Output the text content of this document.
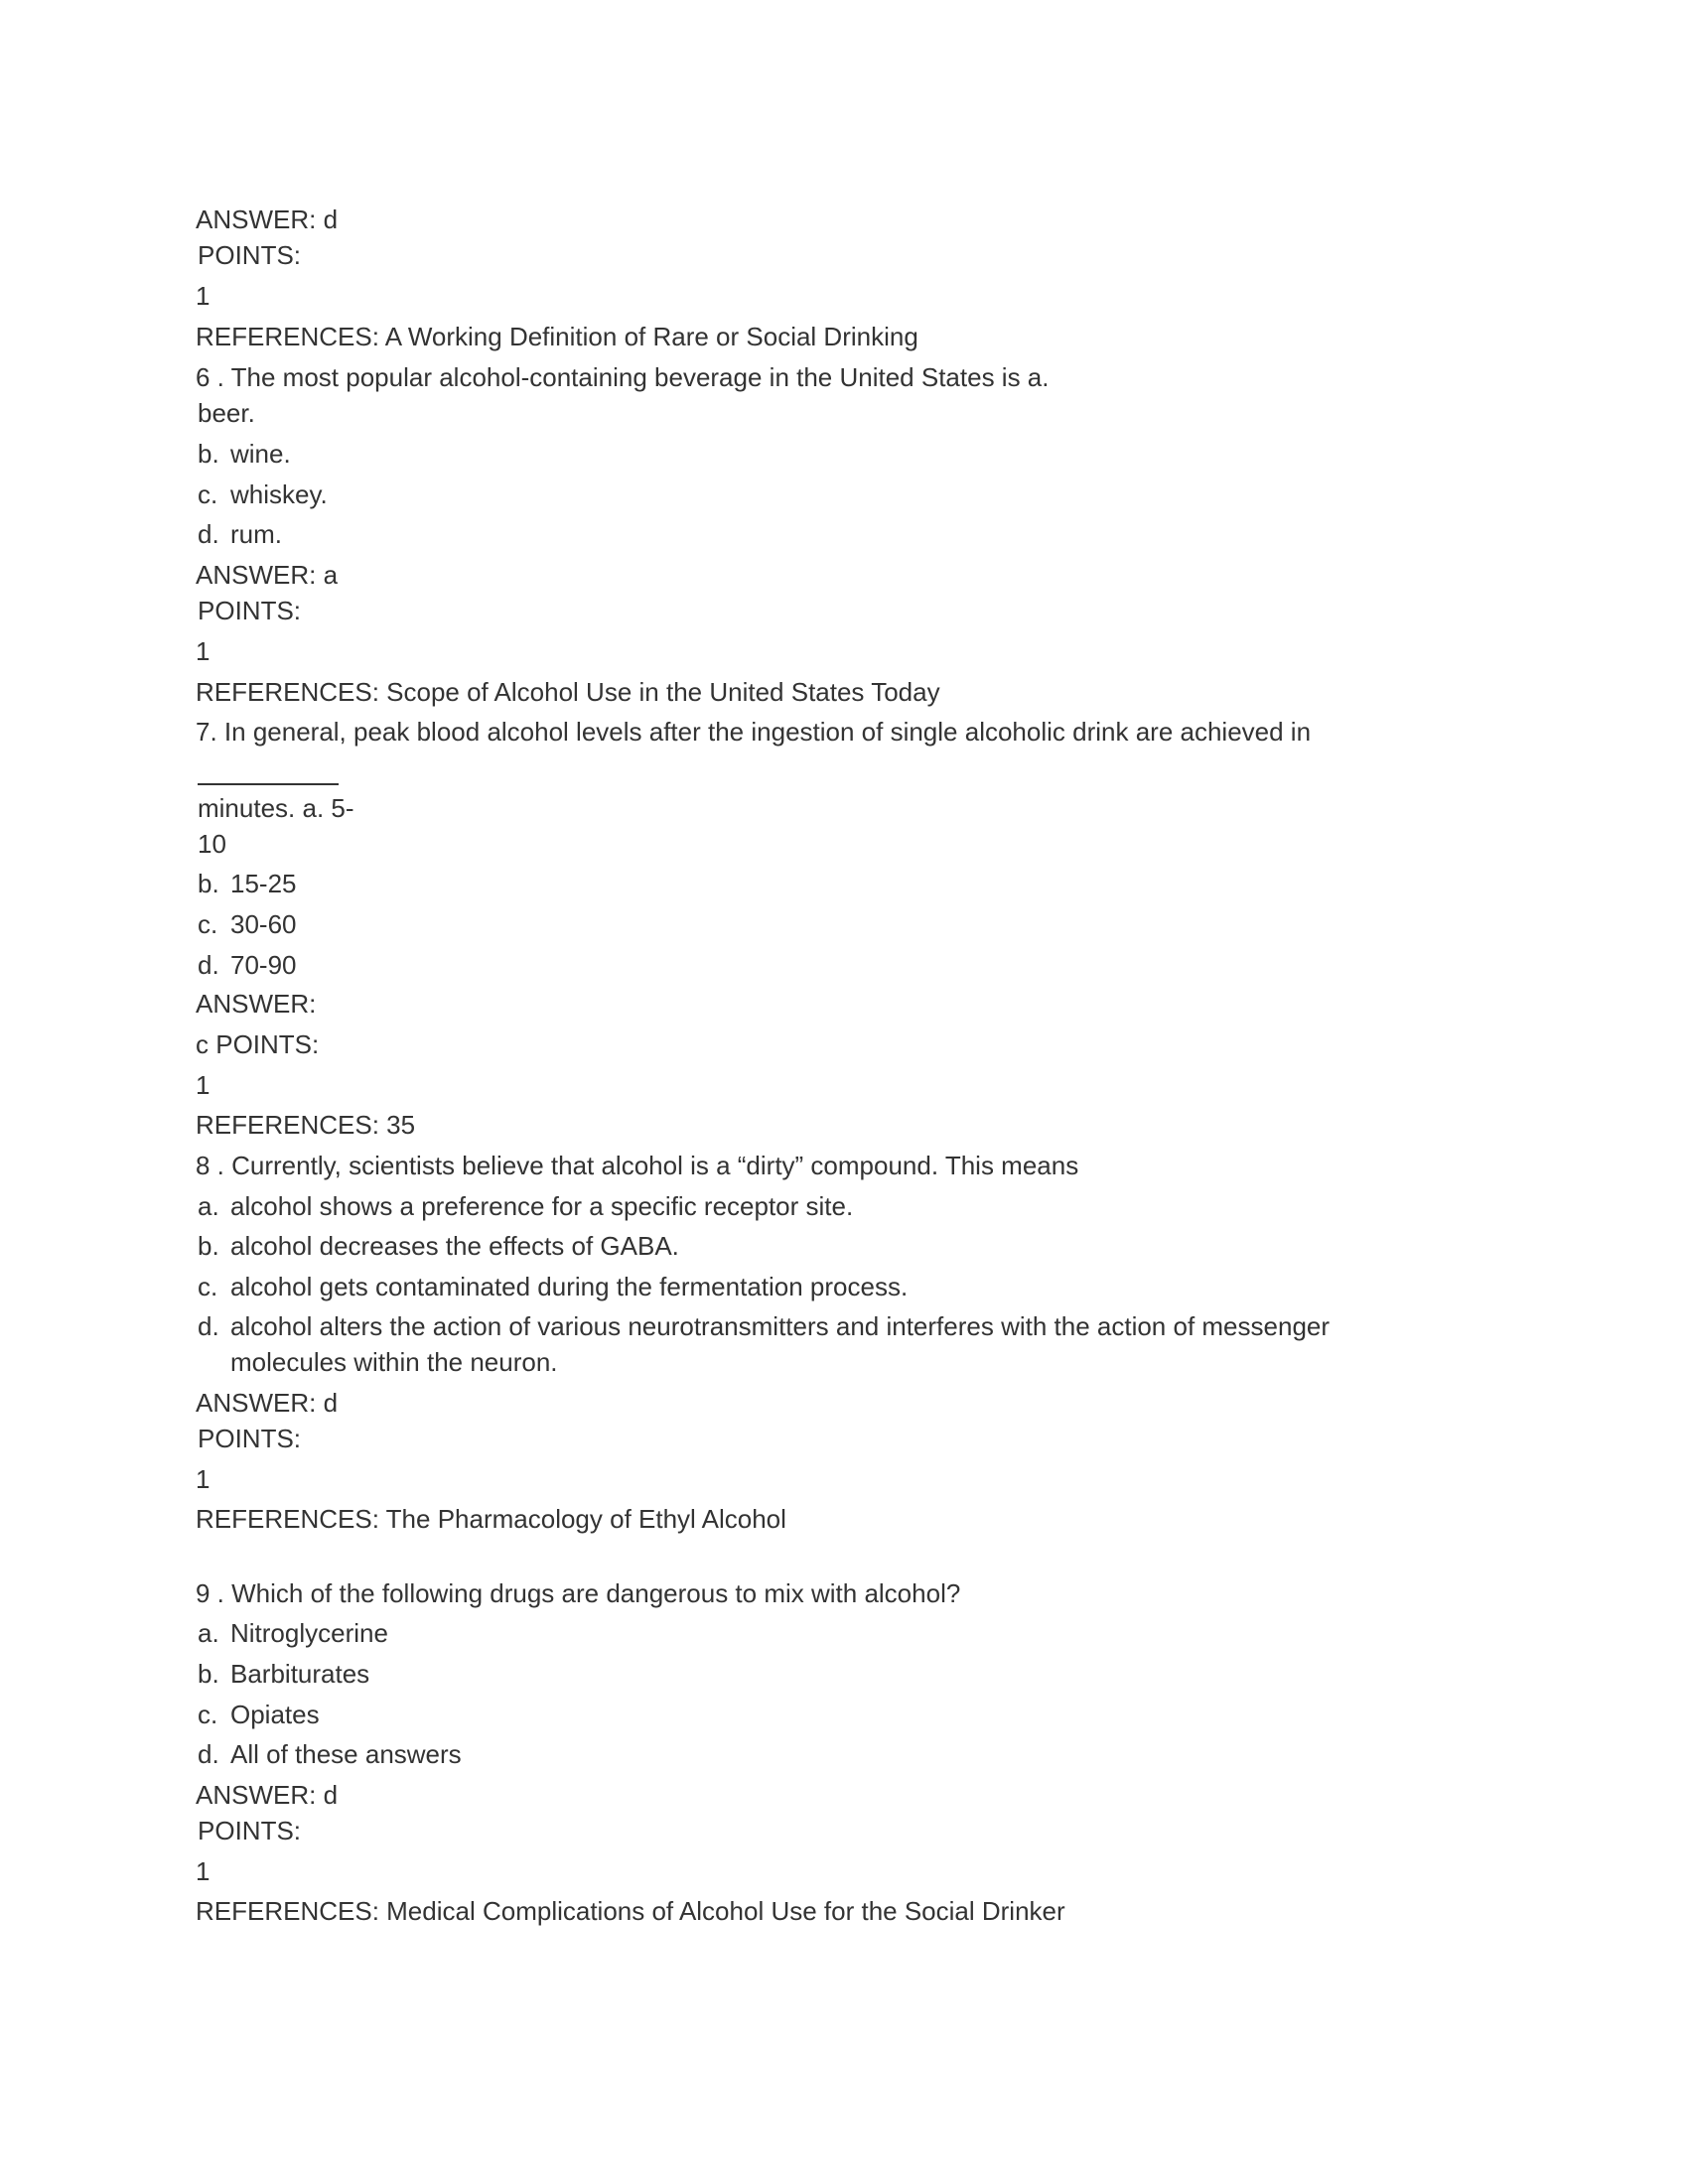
ANSWER: d
POINTS:
1
REFERENCES: A Working Definition of Rare or Social Drinking
6 . The most popular alcohol-containing beverage in the United States is a.
beer.
b. wine.
c. whiskey.
d. rum.
ANSWER: a
POINTS:
1
REFERENCES: Scope of Alcohol Use in the United States Today
7. In general, peak blood alcohol levels after the ingestion of single alcoholic drink are achieved in
minutes. a. 5-
10
b. 15-25
c. 30-60
d. 70-90
ANSWER:
c POINTS:
1
REFERENCES: 35
8 . Currently, scientists believe that alcohol is a “dirty” compound. This means
a. alcohol shows a preference for a specific receptor site.
b. alcohol decreases the effects of GABA.
c. alcohol gets contaminated during the fermentation process.
d. alcohol alters the action of various neurotransmitters and interferes with the action of messenger
molecules within the neuron.
ANSWER: d
POINTS:
1
REFERENCES: The Pharmacology of Ethyl Alcohol
9 . Which of the following drugs are dangerous to mix with alcohol?
a. Nitroglycerine
b. Barbiturates
c. Opiates
d. All of these answers
ANSWER: d
POINTS:
1
REFERENCES: Medical Complications of Alcohol Use for the Social Drinker
